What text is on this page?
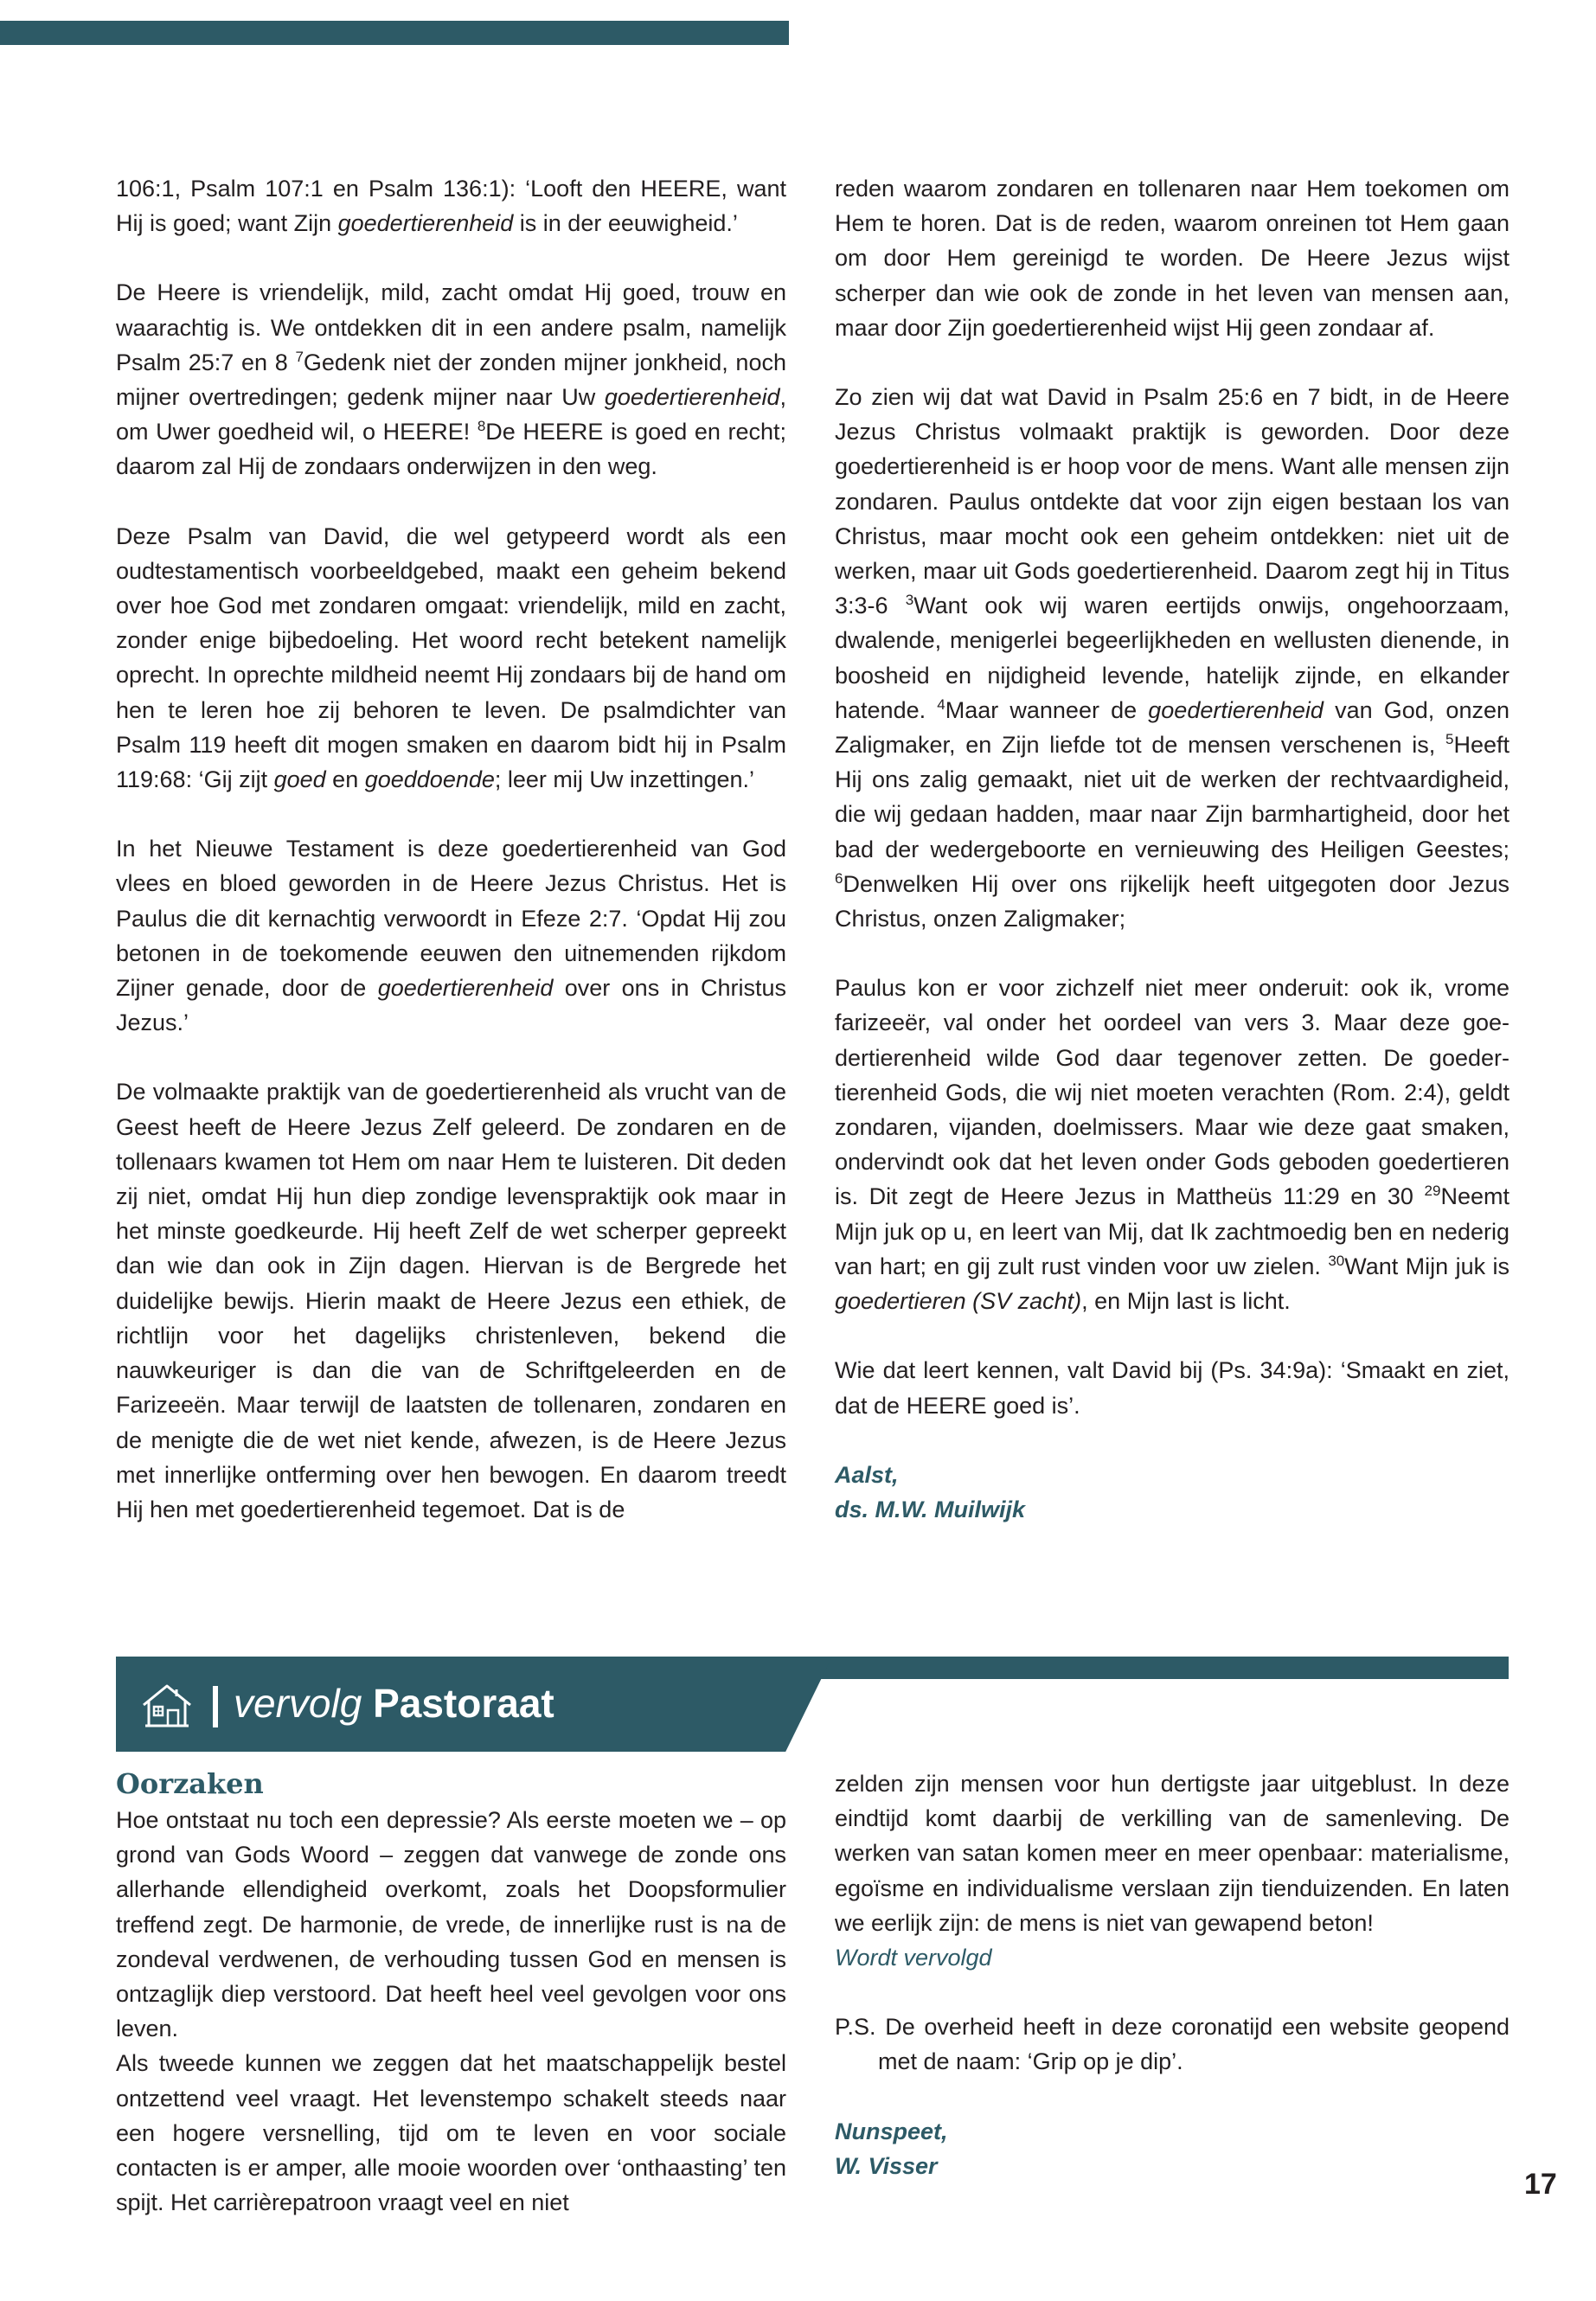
106:1, Psalm 107:1 en Psalm 136:1): ‘Looft den HEERE, want Hij is goed; want Zijn goedertierenheid is in der eeuwigheid.’

De Heere is vriendelijk, mild, zacht omdat Hij goed, trouw en waarachtig is. We ontdekken dit in een andere psalm, namelijk Psalm 25:7 en 8 $^7$Gedenk niet der zonden mijner jonkheid, noch mijner overtredingen; gedenk mijner naar Uw goedertierenheid, om Uwer goedheid wil, o HEERE! $^8$De HEERE is goed en recht; daarom zal Hij de zondaars onderwijzen in den weg.

Deze Psalm van David, die wel getypeerd wordt als een oudtestamentisch voorbeeldgebed, maakt een geheim bekend over hoe God met zondaren omgaat: vriendelijk, mild en zacht, zonder enige bijbedoeling. Het woord recht betekent namelijk oprecht. In oprechte mildheid neemt Hij zondaars bij de hand om hen te leren hoe zij behoren te leven. De psalmdichter van Psalm 119 heeft dit mogen smaken en daarom bidt hij in Psalm 119:68: ‘Gij zijt goed en goeddoende; leer mij Uw inzettingen.’

In het Nieuwe Testament is deze goedertierenheid van God vlees en bloed geworden in de Heere Jezus Christus. Het is Paulus die dit kernachtig verwoordt in Efeze 2:7. ‘Opdat Hij zou betonen in de toekomende eeuwen den uitnemenden rijkdom Zijner genade, door de goedertierenheid over ons in Christus Jezus.’

De volmaakte praktijk van de goedertierenheid als vrucht van de Geest heeft de Heere Jezus Zelf geleerd. De zondaren en de tollenaars kwamen tot Hem om naar Hem te luisteren. Dit deden zij niet, omdat Hij hun diep zondige levenspraktijk ook maar in het minste goedkeurde. Hij heeft Zelf de wet scherper gepreekt dan wie dan ook in Zijn dagen. Hiervan is de Bergrede het duidelijke bewijs. Hierin maakt de Heere Jezus een ethiek, de richtlijn voor het dagelijks christenleven, bekend die nauwkeuriger is dan die van de Schriftgeleerden en de Farizeeën. Maar terwijl de laatsten de tollenaren, zondaren en de menigte die de wet niet kende, afwezen, is de Heere Jezus met innerlijke ontferming over hen bewogen. En daarom treedt Hij hen met goedertierenheid tegemoet. Dat is de

reden waarom zondaren en tollenaren naar Hem toekomen om Hem te horen. Dat is de reden, waarom onreinen tot Hem gaan om door Hem gereinigd te worden. De Heere Jezus wijst scherper dan wie ook de zonde in het leven van mensen aan, maar door Zijn goedertierenheid wijst Hij geen zondaar af.

Zo zien wij dat wat David in Psalm 25:6 en 7 bidt, in de Heere Jezus Christus volmaakt praktijk is geworden. Door deze goedertierenheid is er hoop voor de mens. Want alle mensen zijn zondaren. Paulus ontdekte dat voor zijn eigen bestaan los van Christus, maar mocht ook een geheim ontdekken: niet uit de werken, maar uit Gods goedertierenheid. Daarom zegt hij in Titus 3:3-6 $^3$Want ook wij waren eertijds onwijs, ongehoorzaam, dwalende, menigerlei begeerlijkheden en wellusten dienende, in boosheid en nijdigheid levende, hatelijk zijnde, en elkander hatende. $^4$Maar wanneer de goedertierenheid van God, onzen Zaligmaker, en Zijn liefde tot de mensen verschenen is, $^5$Heeft Hij ons zalig gemaakt, niet uit de werken der rechtvaardigheid, die wij gedaan hadden, maar naar Zijn barmhartigheid, door het bad der wedergeboorte en vernieuwing des Heiligen Geestes; $^6$Denwelken Hij over ons rijkelijk heeft uitgegoten door Jezus Christus, onzen Zaligmaker;

Paulus kon er voor zichzelf niet meer onderuit: ook ik, vrome farizeeër, val onder het oordeel van vers 3. Maar deze goedertierenheid wilde God daar tegenover zetten. De goedertierenheid Gods, die wij niet moeten verachten (Rom. 2:4), geldt zondaren, vijanden, doelmissers. Maar wie deze gaat smaken, ondervindt ook dat het leven onder Gods geboden goedertieren is. Dit zegt de Heere Jezus in Mattheüs 11:29 en 30 $^{29}$Neemt Mijn juk op u, en leert van Mij, dat Ik zachtmoedig ben en nederig van hart; en gij zult rust vinden voor uw zielen. $^{30}$Want Mijn juk is goedertieren (SV zacht), en Mijn last is licht.

Wie dat leert kennen, valt David bij (Ps. 34:9a): ‘Smaakt en ziet, dat de HEERE goed is’.

Aalst,

ds. M.W. Muilwijk

vervolg Pastoraat

Oorzaken

Hoe ontstaat nu toch een depressie? Als eerste moeten we – op grond van Gods Woord – zeggen dat vanwege de zonde ons allerhande ellendigheid overkomt, zoals het Doopsformulier treffend zegt. De harmonie, de vrede, de innerlijke rust is na de zondeval verdwenen, de verhouding tussen God en mensen is ontzaglijk diep verstoord. Dat heeft heel veel gevolgen voor ons leven.

Als tweede kunnen we zeggen dat het maatschappelijk bestel ontzettend veel vraagt. Het levenstempo schakelt steeds naar een hogere versnelling, tijd om te leven en voor sociale contacten is er amper, alle mooie woorden over ‘onthaasting’ ten spijt. Het carrièrepatroon vraagt veel en niet

zelden zijn mensen voor hun dertigste jaar uitgeblust. In deze eindtijd komt daarbij de verkilling van de samenleving. De werken van satan komen meer en meer openbaar: materialisme, egoïsme en individualisme verslaan zijn tienduizenden. En laten we eerlijk zijn: de mens is niet van gewapend beton!

Wordt vervolgd

P.S. De overheid heeft in deze coronatijd een website geopend met de naam: ‘Grip op je dip’.

Nunspeet,

W. Visser

17
